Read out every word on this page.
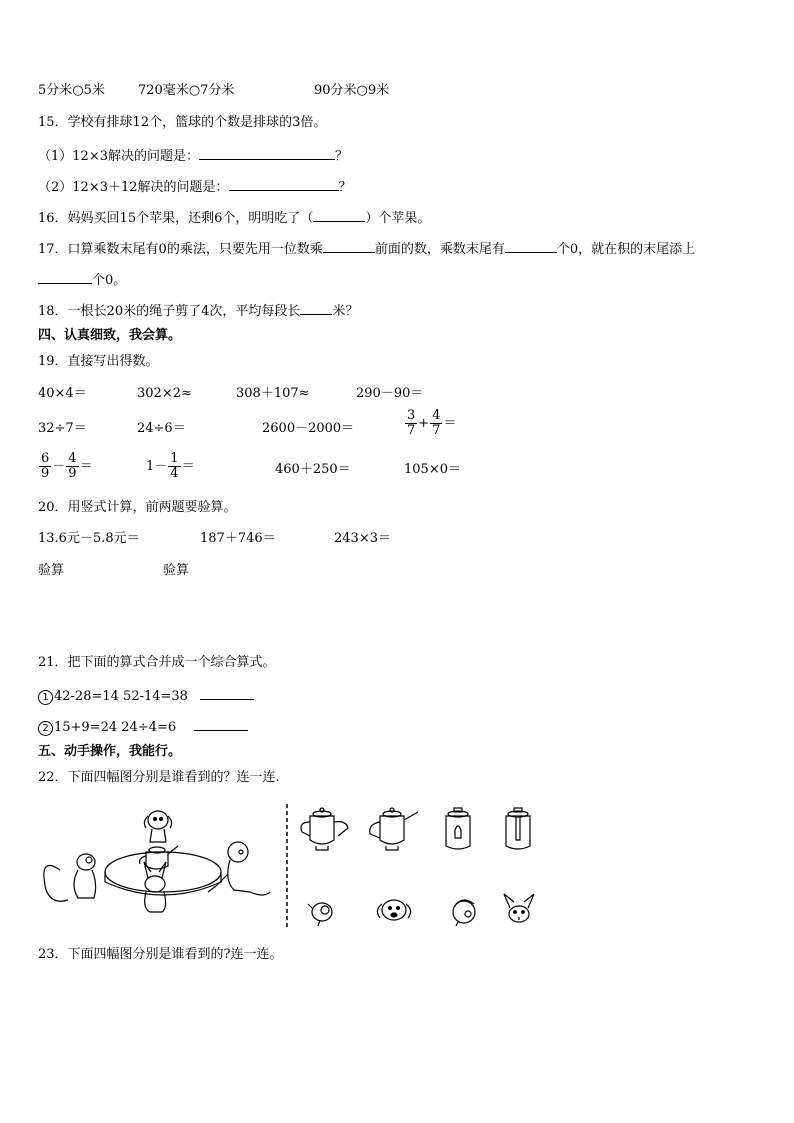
5分米○5米	720毫米○7分米	90分米○9米
15．学校有排球12个，篮球的个数是排球的3倍。
（1）12×3解决的问题是：	？
（2）12×3＋12解决的问题是：	？
16．妈妈买回15个苹果，还剩6个，明明吃了（	）个苹果。
17．口算乘数末尾有0的乘法，只要先用一位数乘	前面的数，乘数末尾有	个0，就在积的末尾添上
个0。
18．一根长20米的绳子剪了4次，平均每段长 米？
四、认真细致，我会算。
19．直接写出得数。
40×4＝	302×2≈	308＋107≈	290－90＝
32÷7＝	24÷6＝	2600－2000＝	$\frac{3}{7} + \frac{4}{7}$ ＝
$\frac{6}{9} - \frac{4}{9}$ ＝	$1- \frac{1}{4}$ ＝	460＋250＝	105×0＝
20．用竖式计算，前两题要验算。
13.6元－5.8元＝	187＋746＝	243×3＝
验算	验算
21．把下面的算式合并成一个综合算式。
1 42-28=14 52-14=38
2 15+9=24 24÷4=6
五、动手操作，我能行。
22．下面四幅图分别是谁看到的？连一连.
23．下面四幅图分别是谁看到的?连一连。
